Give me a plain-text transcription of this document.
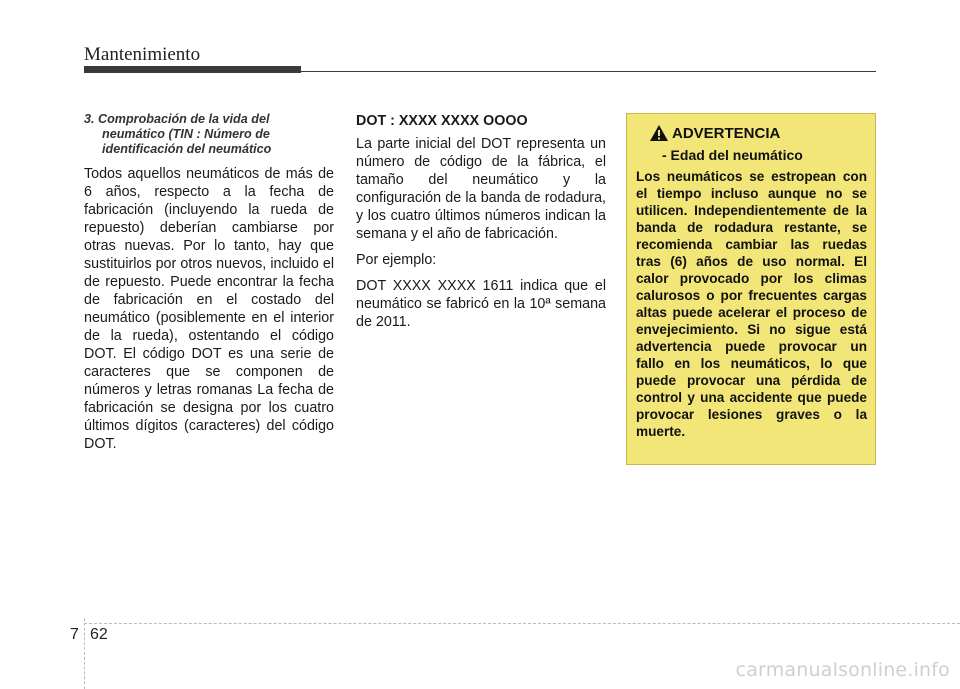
Mantenimiento

3. Comprobación de la vida del neumático (TIN : Número de identificación del neumático

Todos aquellos neumáticos de más de 6 años, respecto a la fecha de fabricación (incluyendo la rueda de repuesto) deberían cambiarse por otras nuevas. Por lo tanto, hay que sustituirlos por otros nuevos, incluido el de repuesto. Puede encontrar la fecha de fabricación en el costado del neumático (posiblemente en el interior de la rueda), ostentando el código DOT. El código DOT es una serie de caracteres que se componen de números y letras romanas La fecha de fabricación se designa por los cuatro últimos dígitos (caracteres) del código DOT.

DOT : XXXX XXXX OOOO

La parte inicial del DOT representa un número de código de la fábrica, el tamaño del neumático y la configuración de la banda de rodadura, y los cuatro últimos números indican la semana y el año de fabricación.

Por ejemplo:

DOT XXXX XXXX 1611 indica que el neumático se fabricó en la 10ª semana de 2011.

ADVERTENCIA
- Edad del neumático

Los neumáticos se estropean con el tiempo incluso aunque no se utilicen. Independientemente de la banda de rodadura restante, se recomienda cambiar las ruedas tras (6) años de uso normal. El calor provocado por los climas calurosos o por frecuentes cargas altas puede acelerar el proceso de envejecimiento. Si no sigue está advertencia puede provocar un fallo en los neumáticos, lo que puede provocar una pérdida de control y una accidente que puede provocar lesiones graves o la muerte.

7 62
carmanualsonline.info
